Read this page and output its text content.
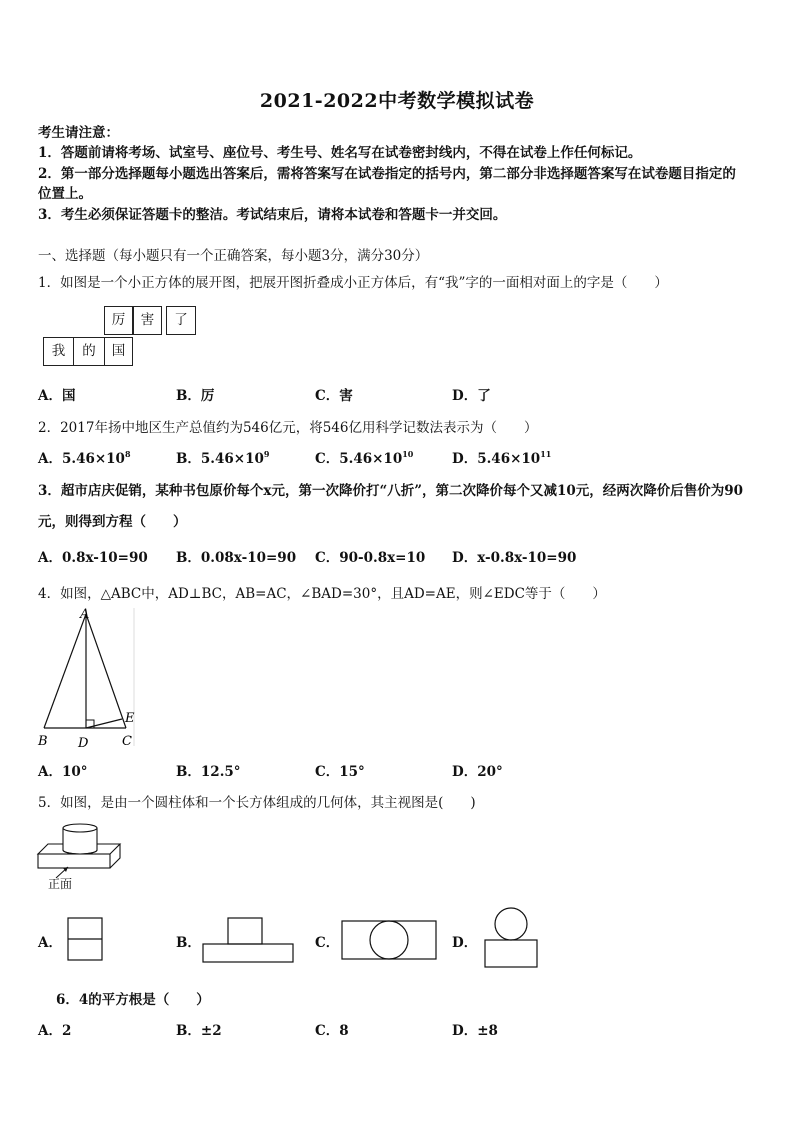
2021-2022中考数学模拟试卷
考生请注意：
1．答题前请将考场、试室号、座位号、考生号、姓名写在试卷密封线内，不得在试卷上作任何标记。
2．第一部分选择题每小题选出答案后，需将答案写在试卷指定的括号内，第二部分非选择题答案写在试卷题目指定的
位置上。
3．考生必须保证答题卡的整洁。考试结束后，请将本试卷和答题卡一并交回。
一、选择题（每小题只有一个正确答案，每小题3分，满分30分）
1．如图是一个小正方体的展开图，把展开图折叠成小正方体后，有“我”字的一面相对面上的字是（　　）
厉	害	了
我	的	国
A．国	B．厉	C．害	D．了
2．2017年扬中地区生产总值约为546亿元，将546亿用科学记数法表示为（　　）
A．$5.46\times 10^8$	B．$5.46\times 10^9$	C．$5.46\times 10^{10}$	D．$5.46\times 10^{11}$
3．超市店庆促销，某种书包原价每个x元，第一次降价打“八折”，第二次降价每个又减10元，经两次降价后售价为90
元，则得到方程（　　）
A．0.8x-10=90 B．0.08x-10=90 C．90-0.8x=10 D．x-0.8x-10=90
4．如图，△ABC中，AD⊥BC，AB=AC，∠BAD=30°，且AD=AE，则∠EDC等于（　　）
A
B D	C
E
A．10°	B．12.5°	C．15°	D．20°
5．如图，是由一个圆柱体和一个长方体组成的几何体，其主视图是(　　)
正面
A．	B．	C．	D．
6．4的平方根是（　　）
A．2	B．±2	C．8	D．±8
